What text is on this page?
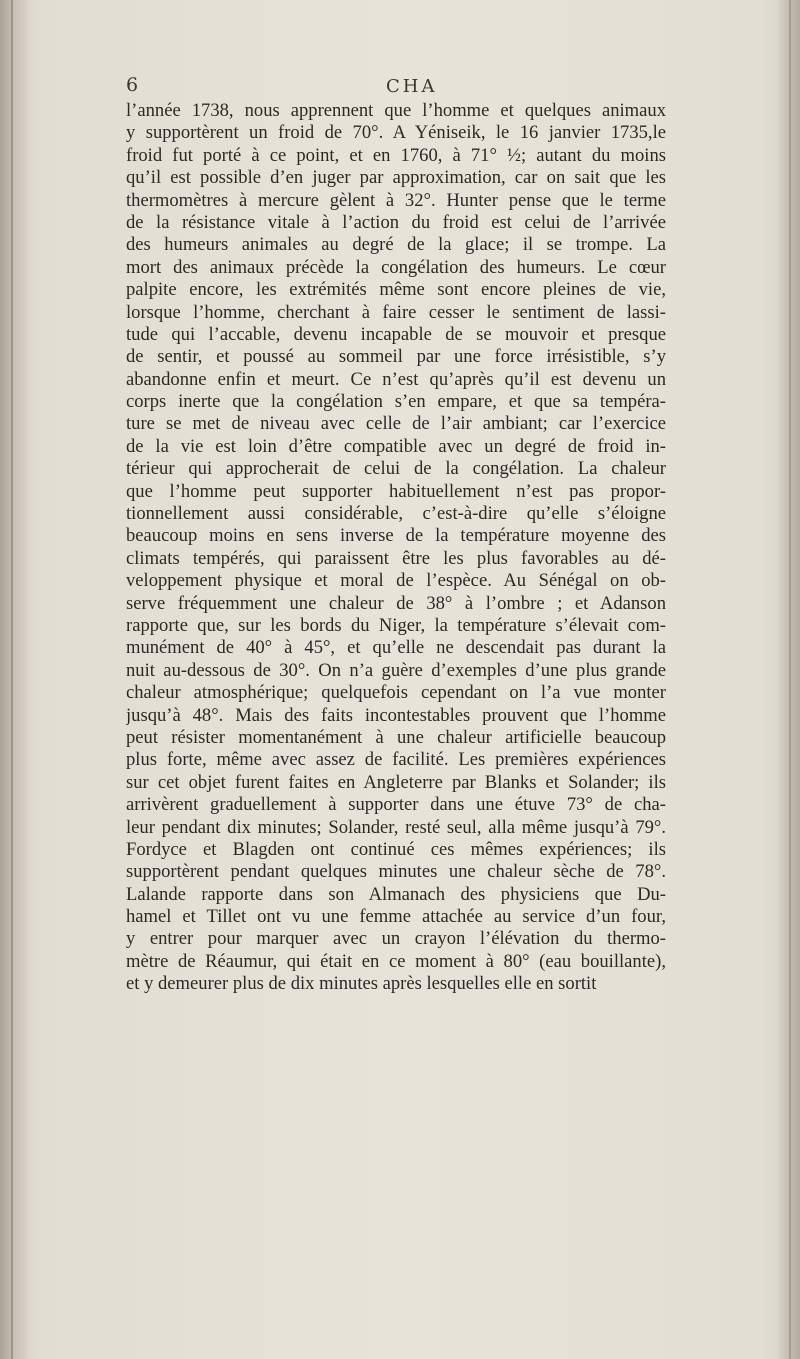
6	CHA
l’année 1738, nous apprennent que l’homme et quelques animaux
y supportèrent un froid de 70°. A Yéniseik, le 16 janvier 1735,le
froid fut porté à ce point, et en 1760, à 71° ½; autant du moins
qu’il est possible d’en juger par approximation, car on sait que les
thermomètres à mercure gèlent à 32°. Hunter pense que le terme
de la résistance vitale à l’action du froid est celui de l’arrivée
des humeurs animales au degré de la glace; il se trompe. La
mort des animaux précède la congélation des humeurs. Le cœur
palpite encore, les extrémités même sont encore pleines de vie,
lorsque l’homme, cherchant à faire cesser le sentiment de lassi-
tude qui l’accable, devenu incapable de se mouvoir et presque
de sentir, et poussé au sommeil par une force irrésistible, s’y
abandonne enfin et meurt. Ce n’est qu’après qu’il est devenu un
corps inerte que la congélation s’en empare, et que sa tempéra-
ture se met de niveau avec celle de l’air ambiant; car l’exercice
de la vie est loin d’être compatible avec un degré de froid in-
térieur qui approcherait de celui de la congélation. La chaleur
que l’homme peut supporter habituellement n’est pas propor-
tionnellement aussi considérable, c’est-à-dire qu’elle s’éloigne
beaucoup moins en sens inverse de la température moyenne des
climats tempérés, qui paraissent être les plus favorables au dé-
veloppement physique et moral de l’espèce. Au Sénégal on ob-
serve fréquemment une chaleur de 38° à l’ombre ; et Adanson
rapporte que, sur les bords du Niger, la température s’élevait com-
munément de 40° à 45°, et qu’elle ne descendait pas durant la
nuit au-dessous de 30°. On n’a guère d’exemples d’une plus grande
chaleur atmosphérique; quelquefois cependant on l’a vue monter
jusqu’à 48°. Mais des faits incontestables prouvent que l’homme
peut résister momentanément à une chaleur artificielle beaucoup
plus forte, même avec assez de facilité. Les premières expériences
sur cet objet furent faites en Angleterre par Blanks et Solander; ils
arrivèrent graduellement à supporter dans une étuve 73° de cha-
leur pendant dix minutes; Solander, resté seul, alla même jusqu’à 79°.
Fordyce et Blagden ont continué ces mêmes expériences; ils
supportèrent pendant quelques minutes une chaleur sèche de 78°.
Lalande rapporte dans son Almanach des physiciens que Du-
hamel et Tillet ont vu une femme attachée au service d’un four,
y entrer pour marquer avec un crayon l’élévation du thermo-
mètre de Réaumur, qui était en ce moment à 80° (eau bouillante),
et y demeurer plus de dix minutes après lesquelles elle en sortit
